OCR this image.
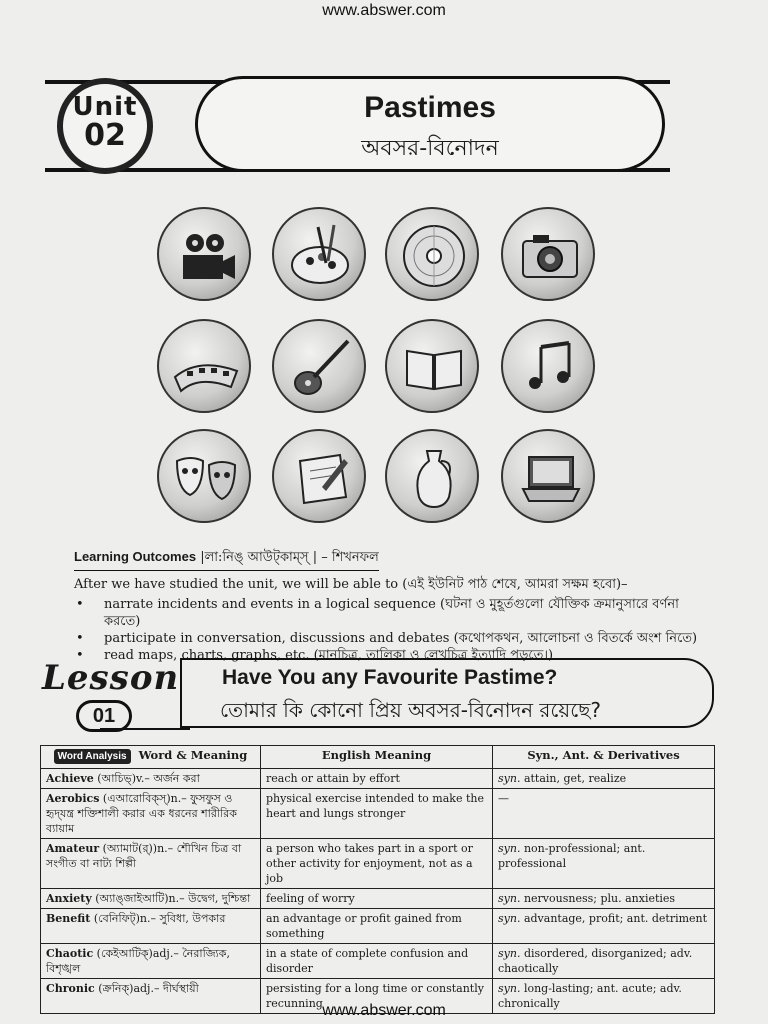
www.abswer.com
Unit
02
Pastimes
অবসর-বিনোদন
Learning Outcomes |লা:নিঙ্ আউট্কাম্স্ | – শিখনফল
After we have studied the unit, we will be able to (এই ইউনিট পাঠ শেষে, আমরা সক্ষম হবো)–
• narrate incidents and events in a logical sequence (ঘটনা ও মুহূর্তগুলো যৌক্তিক ক্রমানুসারে বর্ণনা করতে)
• participate in conversation, discussions and debates (কথোপকথন, আলোচনা ও বিতর্কে অংশ নিতে)
• read maps, charts, graphs, etc. (মানচিত্র, তালিকা ও লেখচিত্র ইত্যাদি পড়তে।)
Lesson
01
Have You any Favourite Pastime?
তোমার কি কোনো প্রিয় অবসর-বিনোদন রয়েছে?
Word Analysis Word & Meaning	English Meaning	Syn., Ant. & Derivatives
Achieve (আচিভ্)v.– অর্জন করা	reach or attain by effort	syn. attain, get, realize
Aerobics (এআরোবিক্স্)n.– ফুসফুস ও হৃদ্‌যন্ত্র শক্তিশালী করার এক ধরনের শারীরিক ব্যায়াম	physical exercise intended to make the heart and lungs stronger	—
Amateur (অ্যামাট(র্))n.– শৌখিন চিত্র বা সংগীত বা নাট্য শিল্পী	a person who takes part in a sport or other activity for enjoyment, not as a job	syn. non-professional; ant. professional
Anxiety (অ্যাঙ্জাইআটি)n.– উদ্বেগ, দুশ্চিন্তা	feeling of worry	syn. nervousness; plu. anxieties
Benefit (বেনিফিট্)n.– সুবিধা, উপকার	an advantage or profit gained from something	syn. advantage, profit; ant. detriment
Chaotic (কেইআটিক্)adj.– নৈরাজ্যিক, বিশৃঙ্খল	in a state of complete confusion and disorder	syn. disordered, disorganized; adv. chaotically
Chronic (ক্রনিক্)adj.– দীর্ঘস্থায়ী	persisting for a long time or constantly recunning	syn. long-lasting; ant. acute; adv. chronically
www.abswer.com
